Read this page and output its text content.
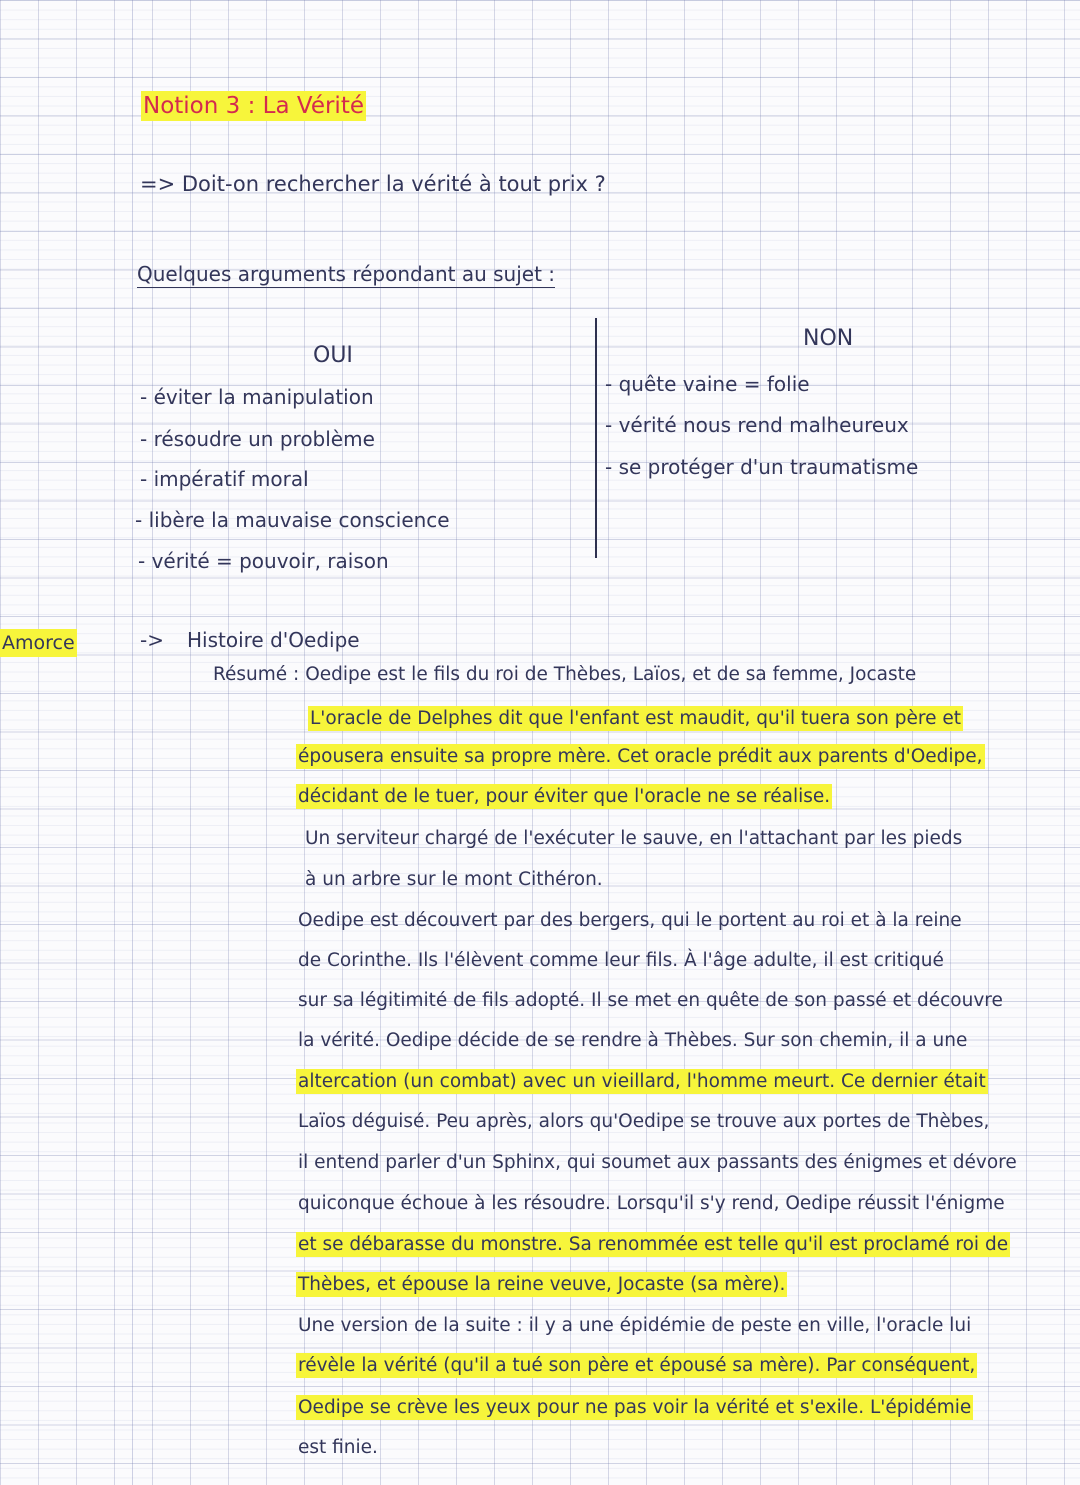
Notion 3 : La Vérité
=> Doit-on rechercher la vérité à tout prix ?
Quelques arguments répondant au sujet :
OUI
- éviter la manipulation
- résoudre un problème
- impératif moral
- libère la mauvaise conscience
- vérité = pouvoir, raison
NON
- quête vaine = folie
- vérité nous rend malheureux
- se protéger d'un traumatisme
Amorce	-> Histoire d'Oedipe
Résumé : Oedipe est le fils du roi de Thèbes, Laïos, et de sa femme, Jocaste
L'oracle de Delphes dit que l'enfant est maudit, qu'il tuera son père et
épousera ensuite sa propre mère. Cet oracle prédit aux parents d'Oedipe,
décidant de le tuer, pour éviter que l'oracle ne se réalise.
Un serviteur chargé de l'exécuter le sauve, en l'attachant par les pieds
à un arbre sur le mont Cithéron.
Oedipe est découvert par des bergers, qui le portent au roi et à la reine
de Corinthe. Ils l'élèvent comme leur fils. À l'âge adulte, il est critiqué
sur sa légitimité de fils adopté. Il se met en quête de son passé et découvre
la vérité. Oedipe décide de se rendre à Thèbes. Sur son chemin, il a une
altercation (un combat) avec un vieillard, l'homme meurt. Ce dernier était
Laïos déguisé. Peu après, alors qu'Oedipe se trouve aux portes de Thèbes,
il entend parler d'un Sphinx, qui soumet aux passants des énigmes et dévore
quiconque échoue à les résoudre. Lorsqu'il s'y rend, Oedipe réussit l'énigme
et se débarasse du monstre. Sa renommée est telle qu'il est proclamé roi de
Thèbes, et épouse la reine veuve, Jocaste (sa mère).
Une version de la suite : il y a une épidémie de peste en ville, l'oracle lui
révèle la vérité (qu'il a tué son père et épousé sa mère). Par conséquent,
Oedipe se crève les yeux pour ne pas voir la vérité et s'exile. L'épidémie
est finie.
